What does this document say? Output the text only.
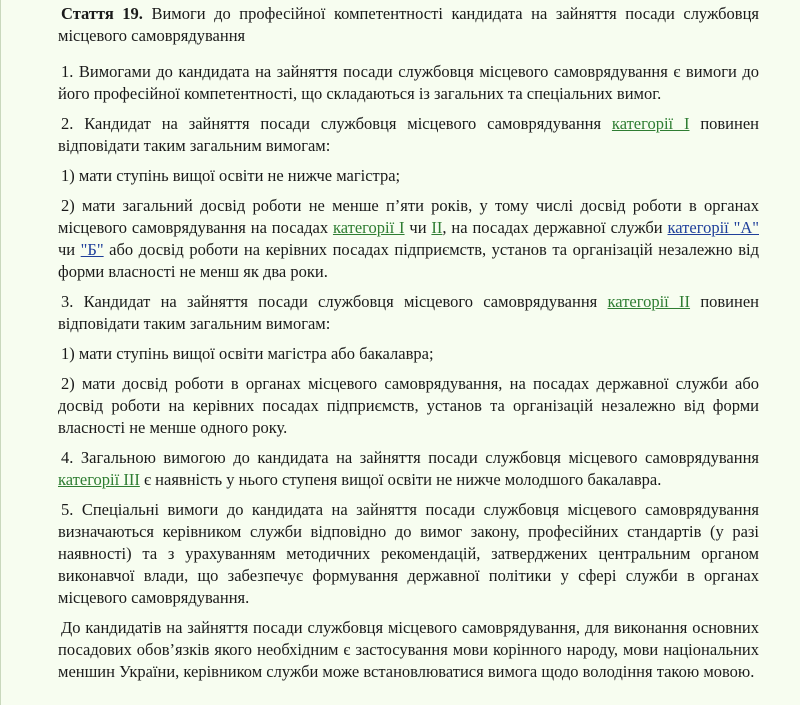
Стаття 19. Вимоги до професійної компетентності кандидата на зайняття посади службовця місцевого самоврядування

1. Вимогами до кандидата на зайняття посади службовця місцевого самоврядування є вимоги до його професійної компетентності, що складаються із загальних та спеціальних вимог.

2. Кандидат на зайняття посади службовця місцевого самоврядування категорії І повинен відповідати таким загальним вимогам:

1) мати ступінь вищої освіти не нижче магістра;

2) мати загальний досвід роботи не менше п’яти років, у тому числі досвід роботи в органах місцевого самоврядування на посадах категорії І чи ІІ, на посадах державної служби категорії "А" чи "Б" або досвід роботи на керівних посадах підприємств, установ та організацій незалежно від форми власності не менш як два роки.

3. Кандидат на зайняття посади службовця місцевого самоврядування категорії ІІ повинен відповідати таким загальним вимогам:

1) мати ступінь вищої освіти магістра або бакалавра;

2) мати досвід роботи в органах місцевого самоврядування, на посадах державної служби або досвід роботи на керівних посадах підприємств, установ та організацій незалежно від форми власності не менше одного року.

4. Загальною вимогою до кандидата на зайняття посади службовця місцевого самоврядування категорії ІІІ є наявність у нього ступеня вищої освіти не нижче молодшого бакалавра.

5. Спеціальні вимоги до кандидата на зайняття посади службовця місцевого самоврядування визначаються керівником служби відповідно до вимог закону, професійних стандартів (у разі наявності) та з урахуванням методичних рекомендацій, затверджених центральним органом виконавчої влади, що забезпечує формування державної політики у сфері служби в органах місцевого самоврядування.

До кандидатів на зайняття посади службовця місцевого самоврядування, для виконання основних посадових обов’язків якого необхідним є застосування мови корінного народу, мови національних меншин України, керівником служби може встановлюватися вимога щодо володіння такою мовою.
